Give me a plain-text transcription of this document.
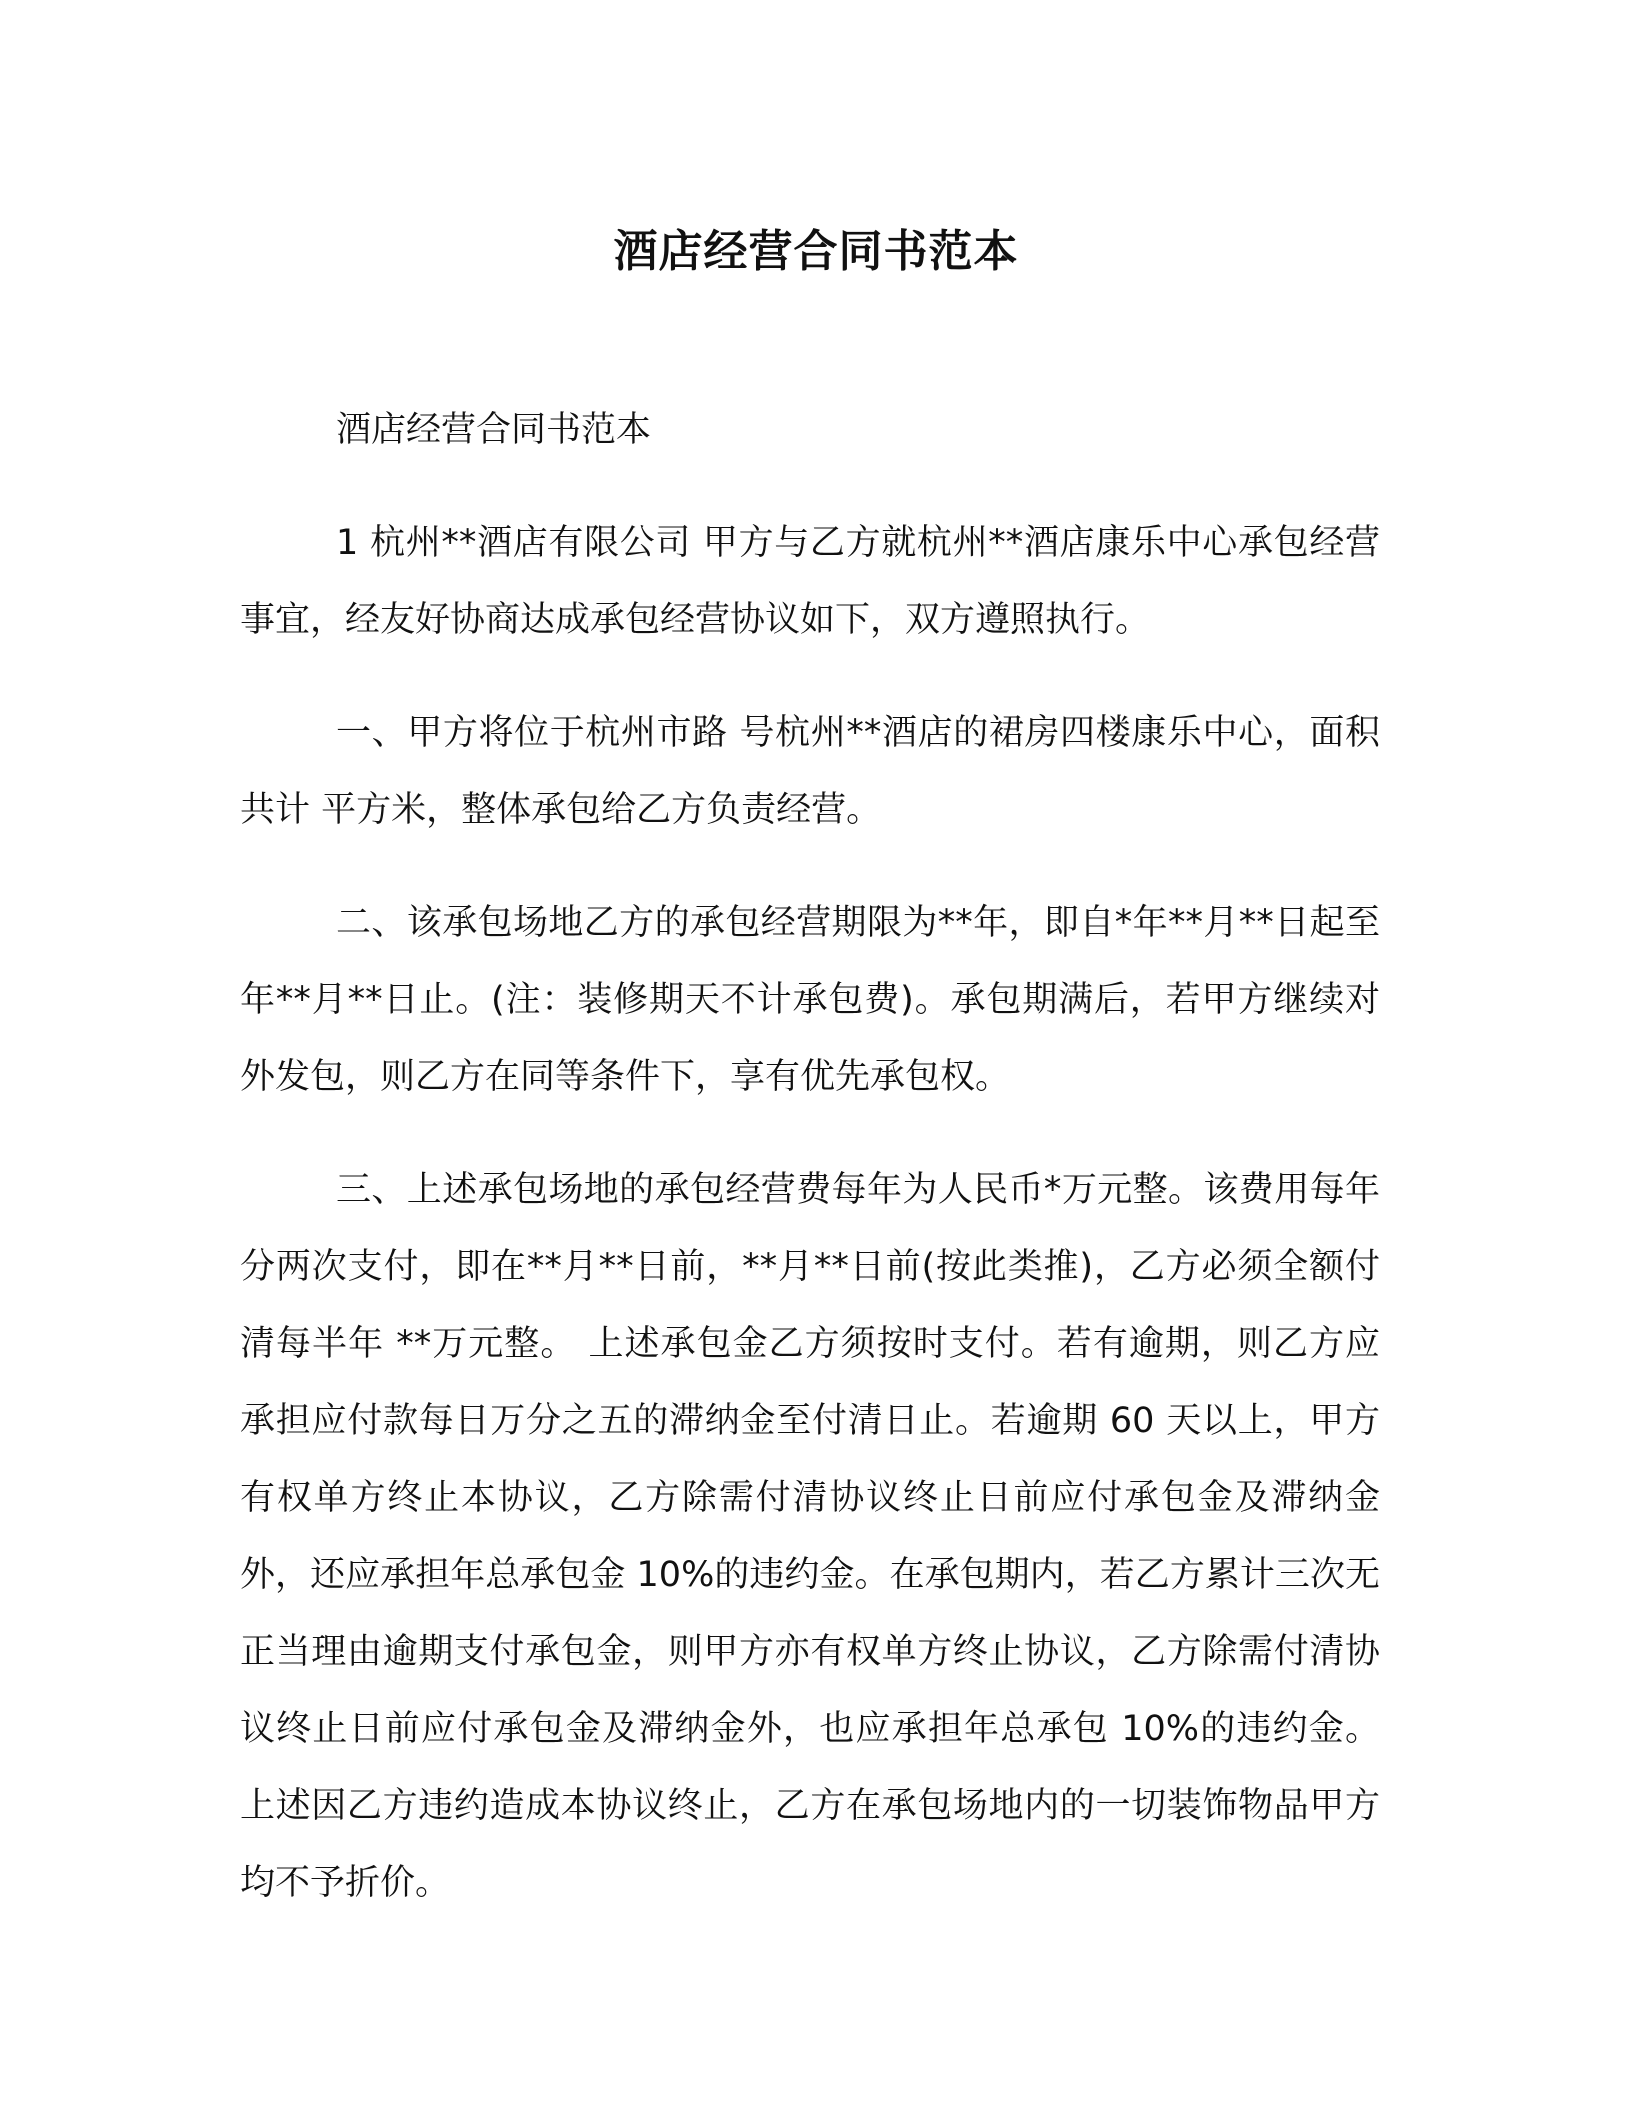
酒店经营合同书范本

酒店经营合同书范本

1 杭州**酒店有限公司 甲方与乙方就杭州**酒店康乐中心承包经营事宜，经友好协商达成承包经营协议如下，双方遵照执行。

一、甲方将位于杭州市路 号杭州**酒店的裙房四楼康乐中心，面积共计 平方米，整体承包给乙方负责经营。

二、该承包场地乙方的承包经营期限为**年，即自*年**月**日起至 年**月**日止。(注：装修期天不计承包费)。承包期满后，若甲方继续对外发包，则乙方在同等条件下，享有优先承包权。

三、上述承包场地的承包经营费每年为人民币*万元整。该费用每年分两次支付，即在**月**日前，**月**日前(按此类推)，乙方必须全额付清每半年 **万元整。 上述承包金乙方须按时支付。若有逾期，则乙方应承担应付款每日万分之五的滞纳金至付清日止。若逾期 60 天以上，甲方有权单方终止本协议，乙方除需付清协议终止日前应付承包金及滞纳金外，还应承担年总承包金 10%的违约金。在承包期内，若乙方累计三次无正当理由逾期支付承包金，则甲方亦有权单方终止协议，乙方除需付清协议终止日前应付承包金及滞纳金外，也应承担年总承包 10%的违约金。 上述因乙方违约造成本协议终止，乙方在承包场地内的一切装饰物品甲方均不予折价。
